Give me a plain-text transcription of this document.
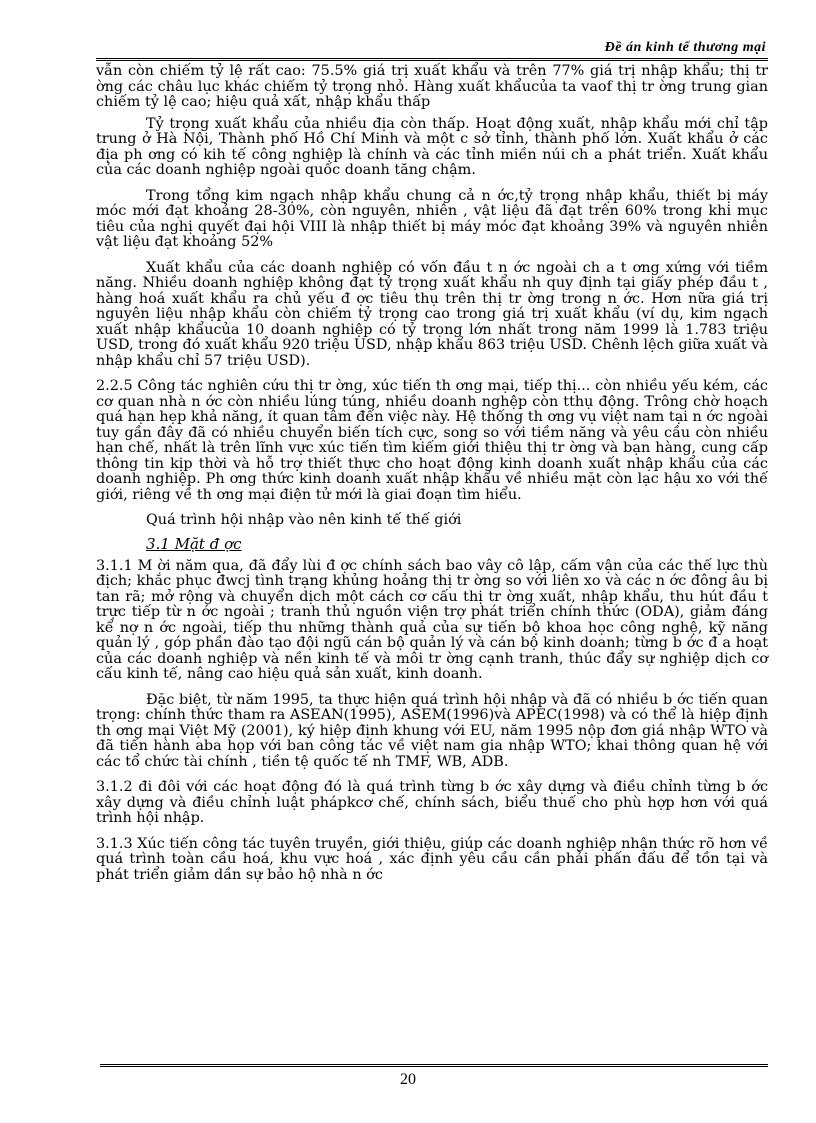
Đề án kinh tế thương mại

vẫn còn chiếm tỷ lệ rất cao: 75.5% giá trị xuất khẩu và trên 77% giá trị nhập khẩu; thị tr ờng các châu lục khác chiếm tỷ trọng nhỏ. Hàng xuất khẩucủa ta vaof thị tr ờng trung gian chiếm tỷ lệ cao; hiệu quả xất, nhập khẩu thấp

Tỷ trọng xuất khẩu của nhiều địa còn thấp. Hoạt động xuất, nhập khẩu mới chỉ tập trung ở Hà Nội, Thành phố Hồ Chí Minh và một c sở tỉnh, thành phố lớn. Xuất khẩu ở các địa ph ơng có kih tế công nghiệp là chính và các tỉnh miền núi ch a phát triển. Xuất khẩu của các doanh nghiệp ngoài quốc doanh tăng chậm.

Trong tổng kim ngạch nhập khẩu chung cả n ớc,tỷ trọng nhập khẩu, thiết bị máy móc mới đạt khoảng 28-30%, còn nguyên, nhiên , vật liệu đã đạt trên 60% trong khi mục tiêu của nghị quyết đại hội VIII là nhập thiết bị máy móc đạt khoảng 39% và nguyên nhiên vật liệu đạt khoảng 52%

Xuất khẩu của các doanh nghiệp có vốn đầu t n ớc ngoài ch a t ơng xứng với tiềm năng. Nhiều doanh nghiệp không đạt tỷ trọng xuất khẩu nh quy định tại giấy phép đầu t , hàng hoá xuất khẩu ra chủ yếu đ ợc tiêu thụ trên thị tr ờng trong n ớc. Hơn nữa giá trị nguyên liệu nhập khẩu còn chiếm tỷ trọng cao trong giá trị xuất khẩu (ví dụ, kim ngạch xuất nhập khẩucủa 10 doanh nghiệp có tỷ trọng lớn nhất trong năm 1999 là 1.783 triệu USD, trong đó xuất khẩu 920 triệu USD, nhập khẩu 863 triệu USD. Chênh lệch giữa xuất và nhập khẩu chỉ 57 triệu USD).

2.2.5 Công tác nghiên cứu thị tr ờng, xúc tiến th ơng mại, tiếp thị... còn nhiều yếu kém, các cơ quan nhà n ớc còn nhiều lúng túng, nhiều doanh nghệp còn tthụ động. Trông chờ hoạch quá hạn hẹp khả năng, ít quan tâm đến việc này. Hệ thống th ơng vụ việt nam tại n ớc ngoài tuy gần đây đã có nhiều chuyển biến tích cực, song so với tiềm năng và yêu cầu còn nhiều hạn chế, nhất là trên lĩnh vực xúc tiến tìm kiếm giới thiệu thị tr ờng và bạn hàng, cung cấp thông tin kịp thời và hỗ trợ thiết thực cho hoạt động kinh doanh xuất nhập khẩu của các doanh nghiệp. Ph ơng thức kinh doanh xuất nhập khẩu về nhiều mặt còn lạc hậu xo với thế giới, riêng về th ơng mại điện tử mới là giai đoạn tìm hiểu.

Quá trình hội nhập vào nên kinh tế thế giới

3.1 Mặt đ ợc

3.1.1 M ời năm qua, đã đẩy lùi đ ợc chính sách bao vây cô lập, cấm vận của các thế lực thù địch; khắc phục đwcj tình trạng khủng hoảng thị tr ờng so với liên xo và các n ớc đông âu bị tan rã; mở rộng và chuyển dịch một cách cơ cấu thị tr ờng xuất, nhập khẩu, thu hút đầu t trực tiếp từ n ớc ngoài ; tranh thủ nguồn viện trợ phát triển chính thức (ODA), giảm đáng kể nợ n ớc ngoài, tiếp thu những thành quả của sự tiến bộ khoa học công nghệ, kỹ năng quản lý , góp phần đào tạo đội ngũ cán bộ quản lý và cán bộ kinh doanh; từng b ớc đ a hoạt của các doanh nghiệp và nền kinh tế và môi tr ờng cạnh tranh, thúc đẩy sự nghiệp dịch cơ cấu kinh tế, nâng cao hiệu quả sản xuất, kinh doanh.

Đặc biệt, từ năm 1995, ta thực hiện quá trình hội nhập và đã có nhiều b ớc tiến quan trọng: chính thức tham ra ASEAN(1995), ASEM(1996)và APEC(1998) và có thể là hiệp định th ơng mại Việt Mỹ (2001), ký hiệp định khung với EU, năm 1995 nộp đơn giá nhập WTO và đã tiến hành aba họp với ban công tác về việt nam gia nhập WTO; khai thông quan hệ với các tổ chức tài chính , tiền tệ quốc tế nh TMF, WB, ADB.

3.1.2 đi đôi với các hoạt động đó là quá trình từng b ớc xây dựng và điều chỉnh từng b ớc xây dựng và điều chỉnh luật phápkcơ chế, chính sách, biểu thuế cho phù hợp hơn với quá trình hội nhập.

3.1.3 Xúc tiến công tác tuyên truyền, giới thiệu, giúp các doanh nghiệp nhận thức rõ hơn về quá trình toàn cầu hoá, khu vực hoá , xác định yêu cầu cần phải phấn đấu để tồn tại và phát triển giảm dần sự bảo hộ nhà n ớc

20
